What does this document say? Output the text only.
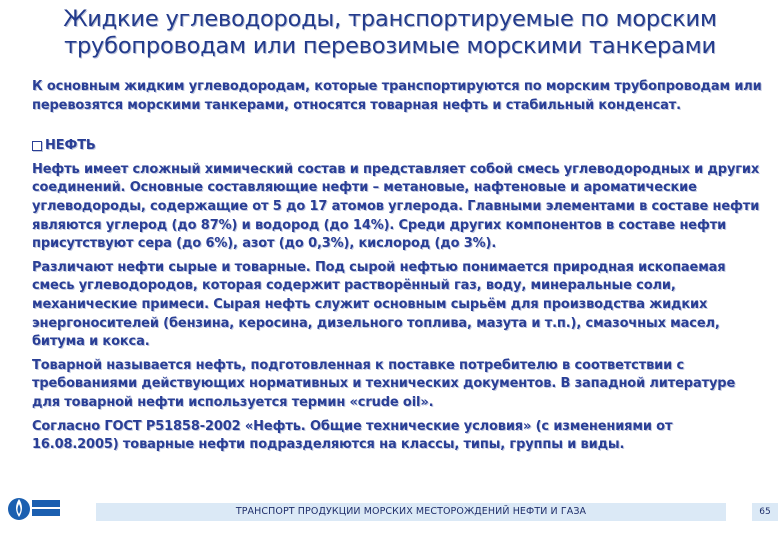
Жидкие углеводороды, транспортируемые по морским трубопроводам или перевозимые морскими танкерами

К основным жидким углеводородам, которые транспортируются по морским трубопроводам или перевозятся морскими танкерами, относятся товарная нефть и стабильный конденсат.

НЕФТЬ

Нефть имеет сложный химический состав и представляет собой смесь углеводородных и других соединений. Основные составляющие нефти – метановые, нафтеновые и ароматические углеводороды, содержащие от 5 до 17 атомов углерода. Главными элементами в составе нефти являются углерод (до 87%) и водород (до 14%). Среди других компонентов в составе нефти присутствуют сера (до 6%), азот (до 0,3%), кислород (до 3%).

Различают нефти сырые и товарные. Под сырой нефтью понимается природная ископаемая смесь углеводородов, которая содержит растворённый газ, воду, минеральные соли, механические примеси. Сырая нефть служит основным сырьём для производства жидких энергоносителей (бензина, керосина, дизельного топлива, мазута и т.п.), смазочных масел, битума и кокса.

Товарной называется нефть, подготовленная к поставке потребителю в соответствии с требованиями действующих нормативных и технических документов. В западной литературе для товарной нефти используется термин «crude oil».

Согласно ГОСТ Р51858-2002 «Нефть. Общие технические условия» (с изменениями от 16.08.2005) товарные нефти подразделяются на классы, типы, группы и виды.

ТРАНСПОРТ ПРОДУКЦИИ МОРСКИХ МЕСТОРОЖДЕНИЙ НЕФТИ И ГАЗА	65
